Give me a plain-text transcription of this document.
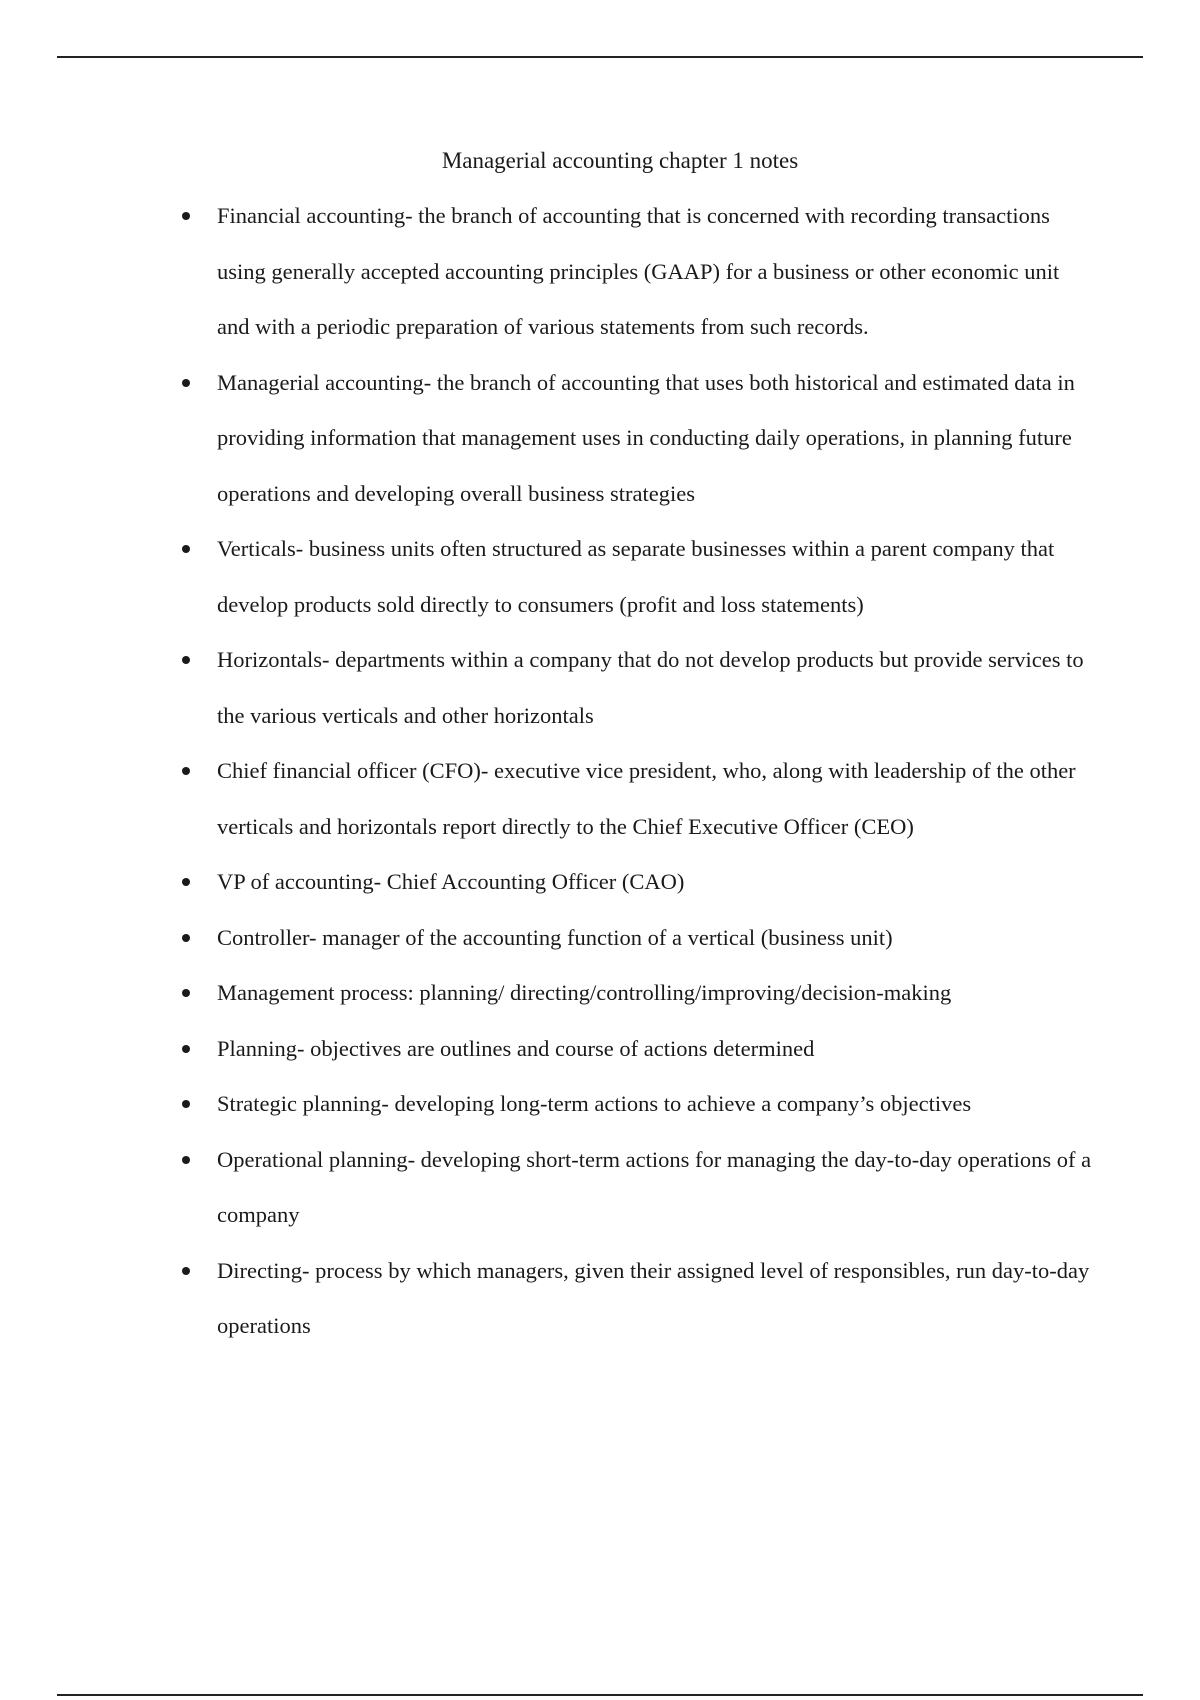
Managerial accounting chapter 1 notes
Financial accounting- the branch of accounting that is concerned with recording transactions using generally accepted accounting principles (GAAP) for a business or other economic unit and with a periodic preparation of various statements from such records.
Managerial accounting- the branch of accounting that uses both historical and estimated data in providing information that management uses in conducting daily operations, in planning future operations and developing overall business strategies
Verticals- business units often structured as separate businesses within a parent company that develop products sold directly to consumers (profit and loss statements)
Horizontals- departments within a company that do not develop products but provide services to the various verticals and other horizontals
Chief financial officer (CFO)- executive vice president, who, along with leadership of the other verticals and horizontals report directly to the Chief Executive Officer (CEO)
VP of accounting- Chief Accounting Officer (CAO)
Controller- manager of the accounting function of a vertical (business unit)
Management process: planning/ directing/controlling/improving/decision-making
Planning- objectives are outlines and course of actions determined
Strategic planning- developing long-term actions to achieve a company’s objectives
Operational planning- developing short-term actions for managing the day-to-day operations of a company
Directing- process by which managers, given their assigned level of responsibles, run day-to-day operations
